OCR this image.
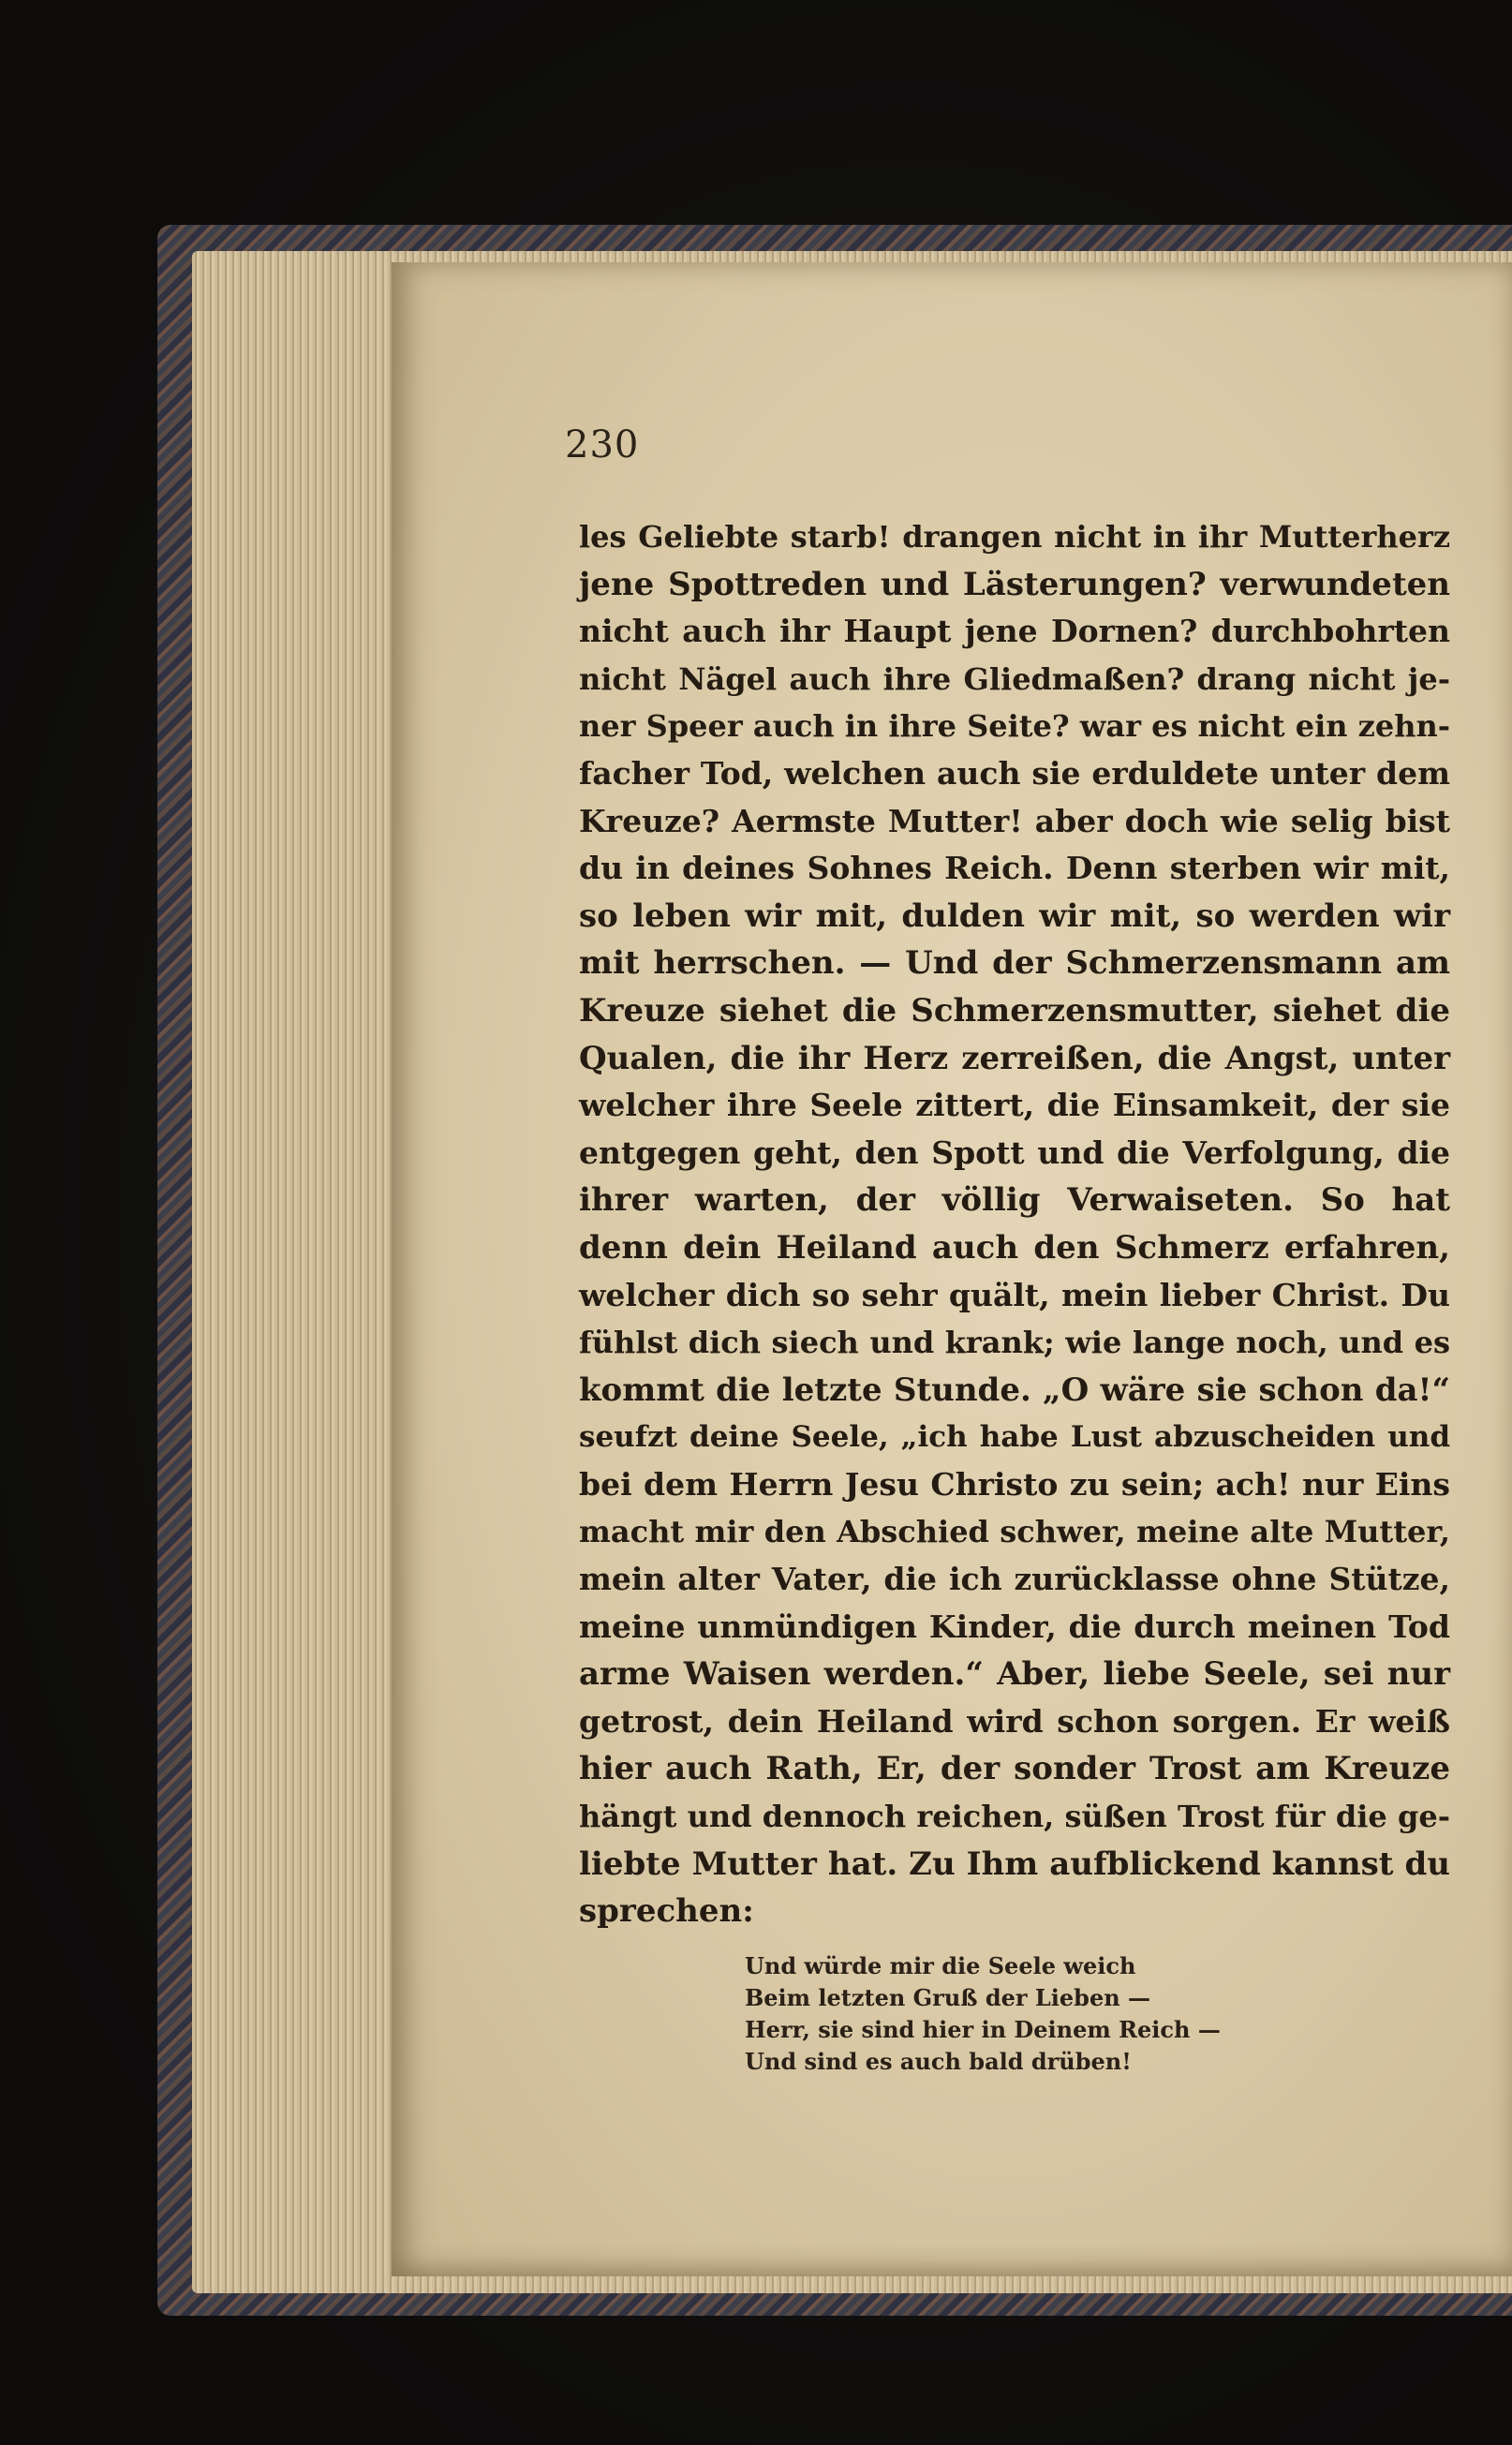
230
les Geliebte starb! drangen nicht in ihr Mutterherz
jene Spottreden und Lästerungen? verwundeten
nicht auch ihr Haupt jene Dornen? durchbohrten
nicht Nägel auch ihre Gliedmaßen? drang nicht je-
ner Speer auch in ihre Seite? war es nicht ein zehn-
facher Tod, welchen auch sie erduldete unter dem
Kreuze? Aermste Mutter! aber doch wie selig bist
du in deines Sohnes Reich. Denn sterben wir mit,
so leben wir mit, dulden wir mit, so werden wir
mit herrschen. — Und der Schmerzensmann am
Kreuze siehet die Schmerzensmutter, siehet die
Qualen, die ihr Herz zerreißen, die Angst, unter
welcher ihre Seele zittert, die Einsamkeit, der sie
entgegen geht, den Spott und die Verfolgung, die
ihrer warten, der völlig Verwaiseten. So hat
denn dein Heiland auch den Schmerz erfahren,
welcher dich so sehr quält, mein lieber Christ. Du
fühlst dich siech und krank; wie lange noch, und es
kommt die letzte Stunde. „O wäre sie schon da!“
seufzt deine Seele, „ich habe Lust abzuscheiden und
bei dem Herrn Jesu Christo zu sein; ach! nur Eins
macht mir den Abschied schwer, meine alte Mutter,
mein alter Vater, die ich zurücklasse ohne Stütze,
meine unmündigen Kinder, die durch meinen Tod
arme Waisen werden.“ Aber, liebe Seele, sei nur
getrost, dein Heiland wird schon sorgen. Er weiß
hier auch Rath, Er, der sonder Trost am Kreuze
hängt und dennoch reichen, süßen Trost für die ge-
liebte Mutter hat. Zu Ihm aufblickend kannst du
sprechen:
Und würde mir die Seele weich
Beim letzten Gruß der Lieben —
Herr, sie sind hier in Deinem Reich —
Und sind es auch bald drüben!
